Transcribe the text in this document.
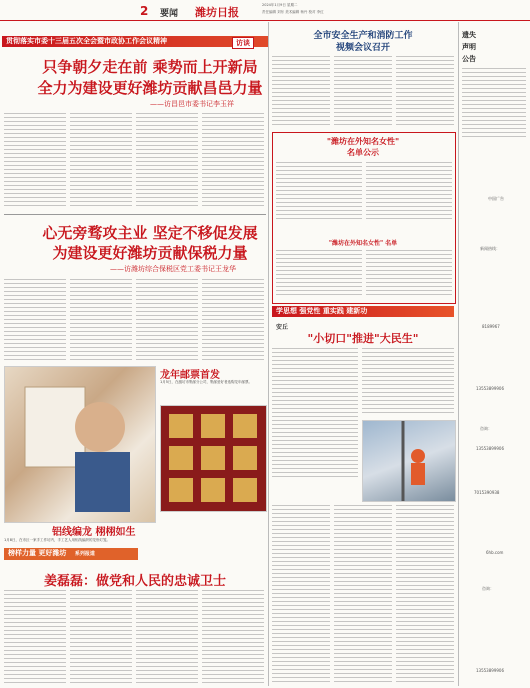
2 要闻 潍坊日报
2024年1月9日 星期二
责任编辑 刘东 美术编辑 杨丹 校对 李红
贯彻落实市委十三届五次全会暨市政协工作会议精神	访谈
只争朝夕走在前 乘势而上开新局
全力为建设更好潍坊贡献昌邑力量
——访昌邑市委书记李玉祥
心无旁骛攻主业 坚定不移促发展
为建设更好潍坊贡献保税力量
——访潍坊综合保税区党工委书记王龙华
龙年邮票首发
1月5日，在潍坊市集邮分公司，集邮爱好者选购龙年邮票。
铝线编龙 栩栩如生
1月8日，在市区一家手工作坊内，手工艺人用铝线编织的龙形灯笼。
榜样力量 更好潍坊 系列报道
姜磊磊：做党和人民的忠诚卫士
全市安全生产和消防工作
视频会议召开
"潍坊在外知名女性"
名单公示
"潍坊在外知名女性" 名单
学思想 强党性 重实践 建新功
安丘
"小切口"推进"大民生"
遗失
声明
公告
中国广告
新闻热线：
8189967
13553899906
咨询：
13553899906
7015390938
6hb.com
咨询：
13553899906
